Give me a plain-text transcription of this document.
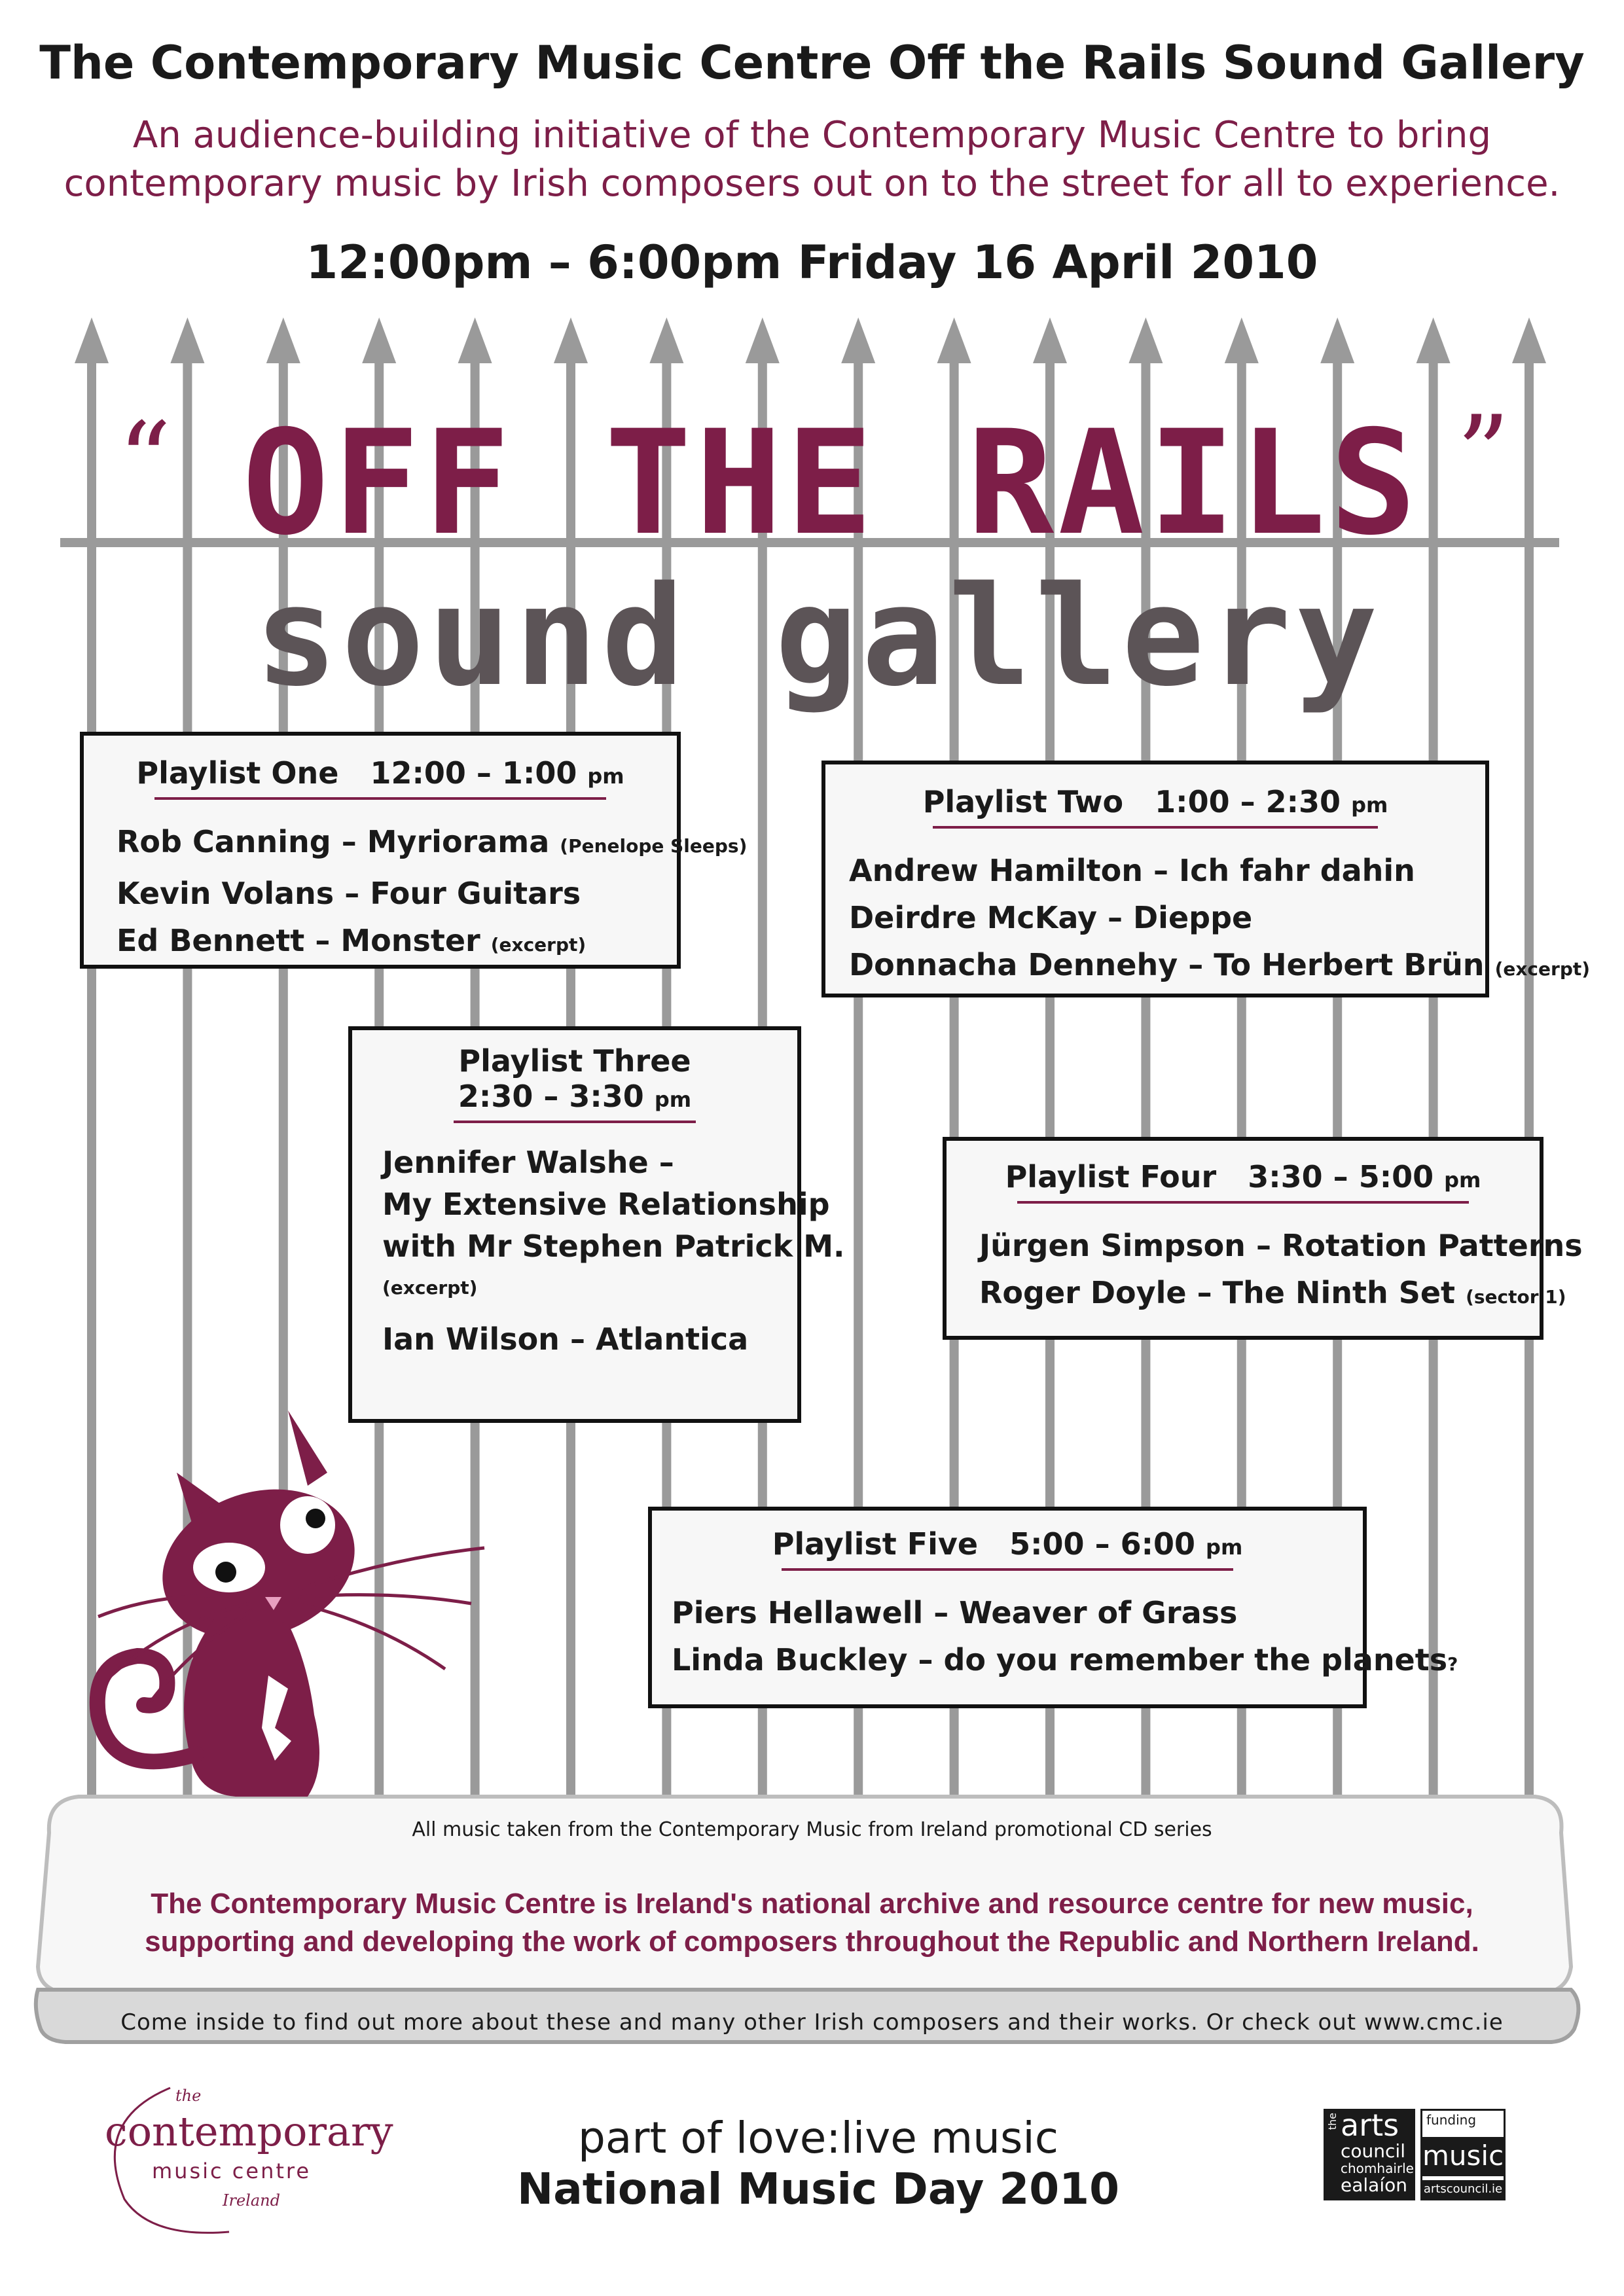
The Contemporary Music Centre Off the Rails Sound Gallery
An audience-building initiative of the Contemporary Music Centre to bring
contemporary music by Irish composers out on to the street for all to experience.
12:00pm – 6:00pm Friday 16 April 2010
“ OFF THE RAILS ”
sound gallery
Playlist One 12:00 – 1:00 pm
Rob Canning – Myriorama (Penelope Sleeps)
Kevin Volans – Four Guitars
Ed Bennett – Monster (excerpt)
Playlist Two 1:00 – 2:30 pm
Andrew Hamilton – Ich fahr dahin
Deirdre McKay – Dieppe
Donnacha Dennehy – To Herbert Brün (excerpt)
Playlist Three
2:30 – 3:30 pm
Jennifer Walshe –
My Extensive Relationship
with Mr Stephen Patrick M.
(excerpt)
Ian Wilson – Atlantica
Playlist Four 3:30 – 5:00 pm
Jürgen Simpson – Rotation Patterns
Roger Doyle – The Ninth Set (sector 1)
Playlist Five 5:00 – 6:00 pm
Piers Hellawell – Weaver of Grass
Linda Buckley – do you remember the planets?
All music taken from the Contemporary Music from Ireland promotional CD series
The Contemporary Music Centre is Ireland's national archive and resource centre for new music,
supporting and developing the work of composers throughout the Republic and Northern Ireland.
Come inside to find out more about these and many other Irish composers and their works. Or check out www.cmc.ie
the
contemporary
music centre
Ireland
part of love:live music
National Music Day 2010
the arts
council
chomhairle
ealaíon
funding
music
artscouncil.ie
